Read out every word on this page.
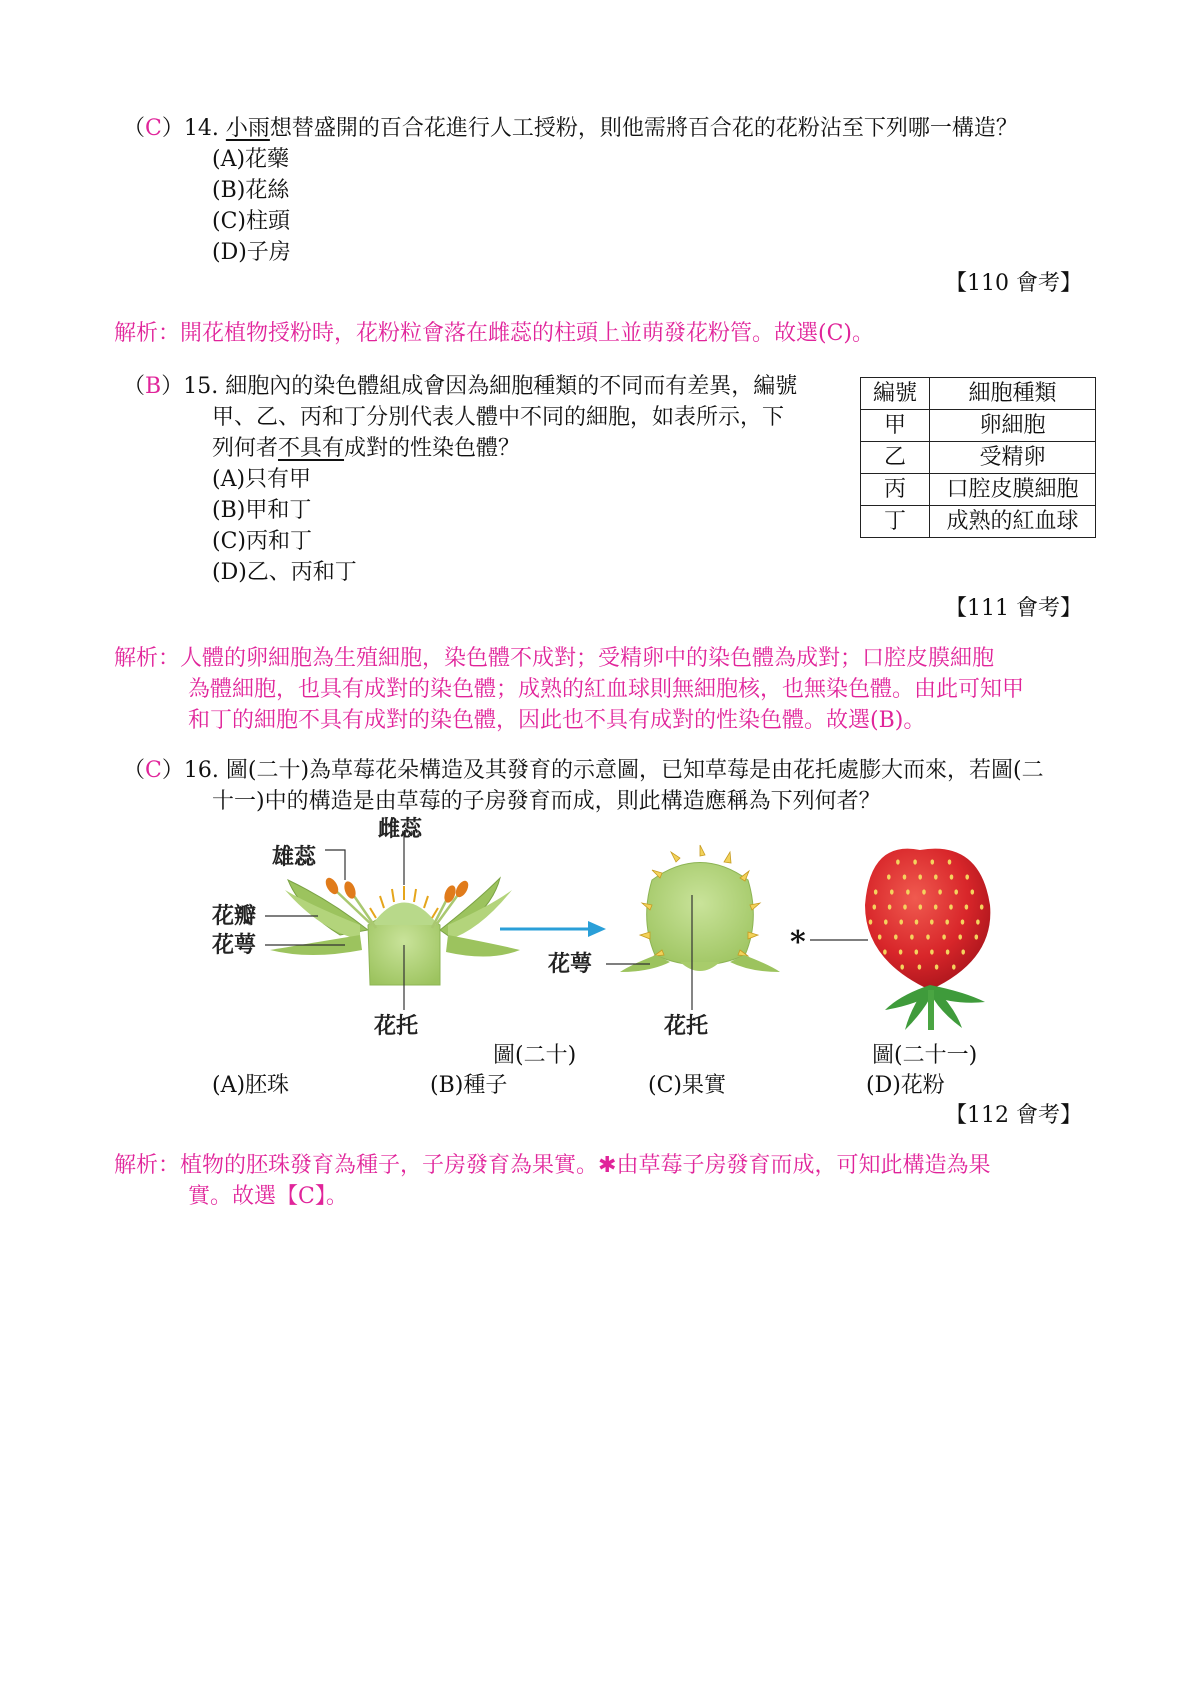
（C）14. 小雨想替盛開的百合花進行人工授粉，則他需將百合花的花粉沾至下列哪一構造？
(A)花藥
(B)花絲
(C)柱頭
(D)子房
【110 會考】
解析：開花植物授粉時，花粉粒會落在雌蕊的柱頭上並萌發花粉管。故選(C)。
（B）15. 細胞內的染色體組成會因為細胞種類的不同而有差異，編號
甲、乙、丙和丁分別代表人體中不同的細胞，如表所示，下
列何者不具有成對的性染色體？
(A)只有甲
(B)甲和丁
(C)丙和丁
(D)乙、丙和丁
編號	細胞種類
甲	卵細胞
乙	受精卵
丙	口腔皮膜細胞
丁	成熟的紅血球
【111 會考】
解析：人體的卵細胞為生殖細胞，染色體不成對；受精卵中的染色體為成對；口腔皮膜細胞
為體細胞，也具有成對的染色體；成熟的紅血球則無細胞核，也無染色體。由此可知甲
和丁的細胞不具有成對的染色體，因此也不具有成對的性染色體。故選(B)。
（C）16. 圖(二十)為草莓花朵構造及其發育的示意圖，已知草莓是由花托處膨大而來，若圖(二
十一)中的構造是由草莓的子房發育而成，則此構造應稱為下列何者？
雌蕊
雄蕊
花瓣
花萼
花托
花萼
花托
*
圖(二十)	圖(二十一)
(A)胚珠	(B)種子	(C)果實	(D)花粉
【112 會考】
解析：植物的胚珠發育為種子，子房發育為果實。✱由草莓子房發育而成，可知此構造為果
實。故選【C】。
